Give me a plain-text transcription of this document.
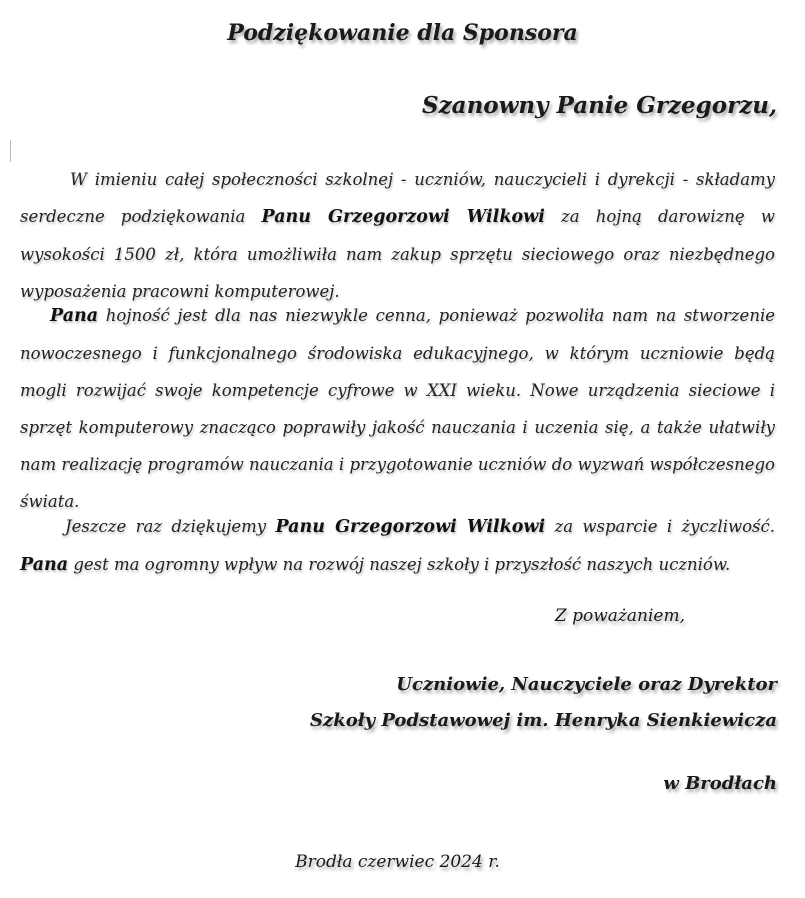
Podziękowanie dla Sponsora
Szanowny Panie Grzegorzu,
W imieniu całej społeczności szkolnej - uczniów, nauczycieli i dyrekcji - składamy serdeczne podziękowania Panu Grzegorzowi Wilkowi za hojną darowiznę w wysokości 1500 zł, która umożliwiła nam zakup sprzętu sieciowego oraz niezbędnego wyposażenia pracowni komputerowej.
Pana hojność jest dla nas niezwykle cenna, ponieważ pozwoliła nam na stworzenie nowoczesnego i funkcjonalnego środowiska edukacyjnego, w którym uczniowie będą mogli rozwijać swoje kompetencje cyfrowe w XXI wieku. Nowe urządzenia sieciowe i sprzęt komputerowy znacząco poprawiły jakość nauczania i uczenia się, a także ułatwiły nam realizację programów nauczania i przygotowanie uczniów do wyzwań współczesnego świata.
Jeszcze raz dziękujemy Panu Grzegorzowi Wilkowi za wsparcie i życzliwość. Pana gest ma ogromny wpływ na rozwój naszej szkoły i przyszłość naszych uczniów.
Z poważaniem,
Uczniowie, Nauczyciele oraz Dyrektor
Szkoły Podstawowej im. Henryka Sienkiewicza
w Brodłach
Brodła czerwiec 2024 r.
